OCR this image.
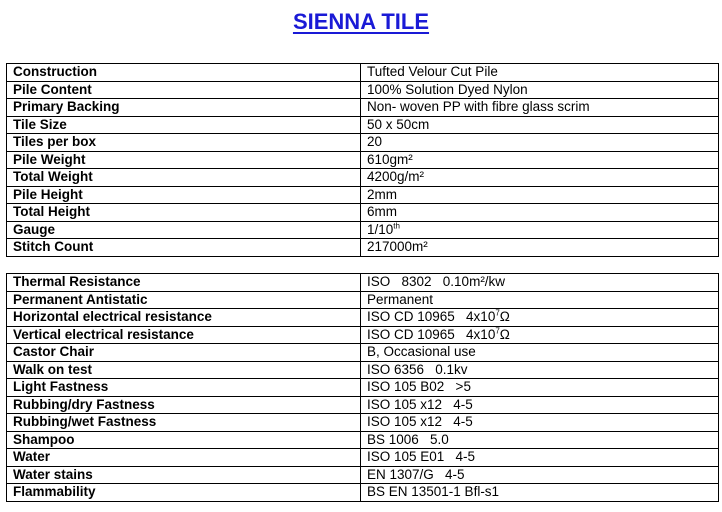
SIENNA TILE
Construction	Tufted Velour Cut Pile
Pile Content	100% Solution Dyed Nylon
Primary Backing	Non- woven PP with fibre glass scrim
Tile Size	50 x 50cm
Tiles per box	20
Pile Weight	610gm²
Total Weight	4200g/m²
Pile Height	2mm
Total Height	6mm
Gauge	1/10th
Stitch Count	217000m²
Thermal Resistance	ISO   8302   0.10m²/kw
Permanent Antistatic	Permanent
Horizontal electrical resistance	ISO CD 10965   $4x10^7\Omega$
Vertical electrical resistance	ISO CD 10965   $4x10^7\Omega$
Castor Chair	B, Occasional use
Walk on test	ISO 6356   0.1kv
Light Fastness	ISO 105 B02   >5
Rubbing/dry Fastness	ISO 105 x12   4-5
Rubbing/wet Fastness	ISO 105 x12   4-5
Shampoo	BS 1006   5.0
Water	ISO 105 E01   4-5
Water stains	EN 1307/G   4-5
Flammability	BS EN 13501-1 Bfl-s1
